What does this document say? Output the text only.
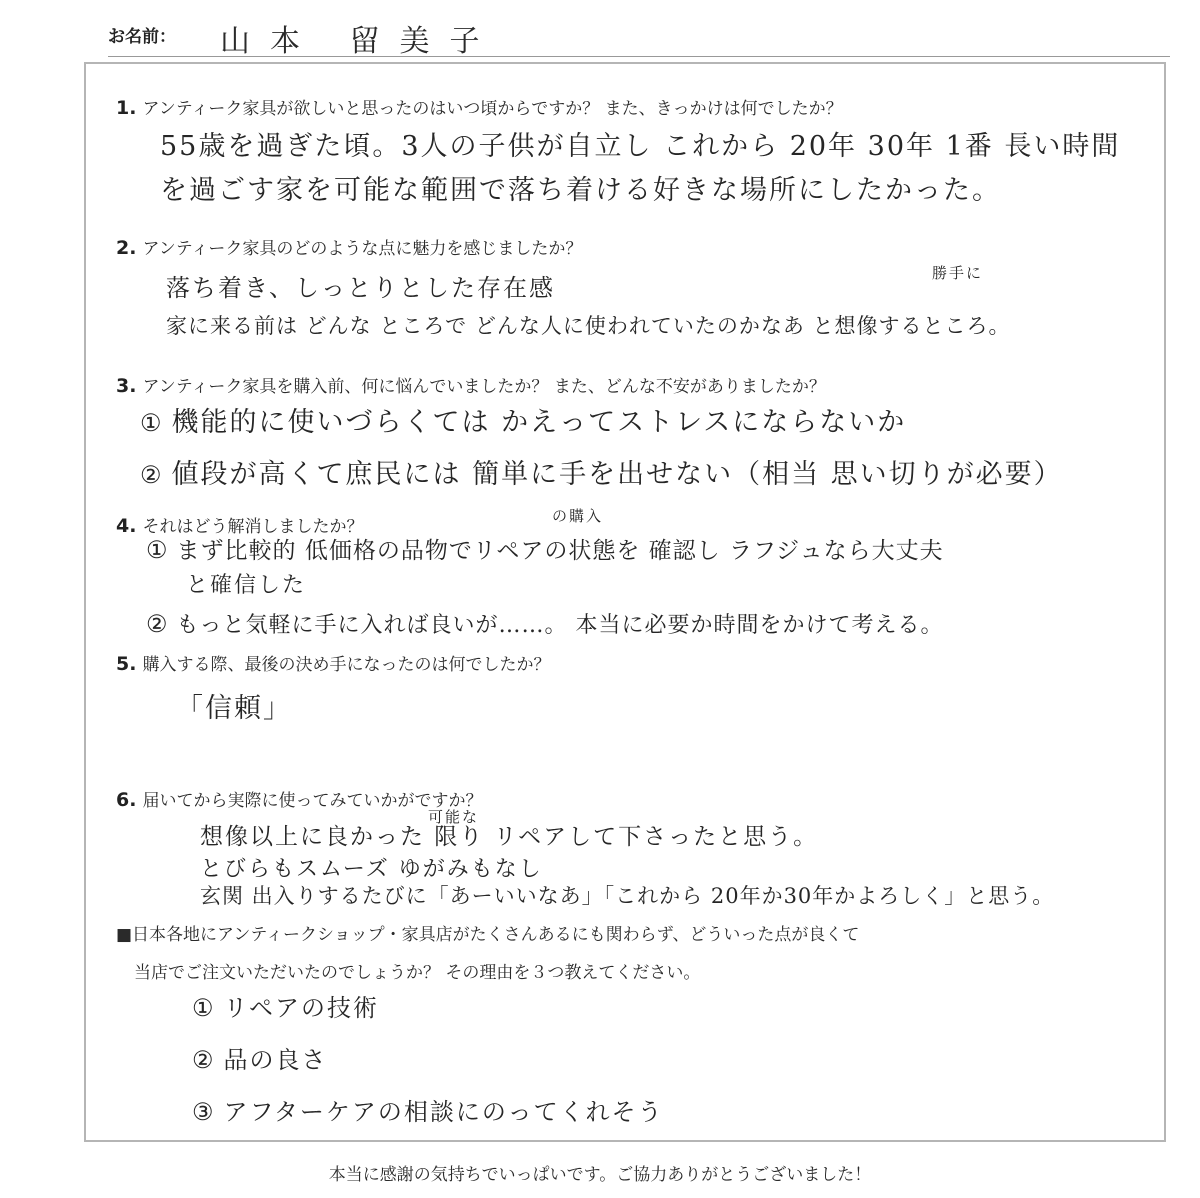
お名前： 山本 留美子
1. アンティーク家具が欲しいと思ったのはいつ頃からですか？ また、きっかけは何でしたか？
55歳を過ぎた頃。3人の子供が自立し これから 20年 30年 1番 長い時間
を過ごす家を可能な範囲で落ち着ける好きな場所にしたかった。
2. アンティーク家具のどのような点に魅力を感じましたか？
落ち着き、しっとりとした存在感
勝手に
家に来る前は どんな ところで どんな人に使われていたのかなあ と想像するところ。
3. アンティーク家具を購入前、何に悩んでいましたか？ また、どんな不安がありましたか？
① 機能的に使いづらくては かえってストレスにならないか
② 値段が高くて庶民には 簡単に手を出せない（相当 思い切りが必要）
4. それはどう解消しましたか？
の購入
① まず比較的 低価格の品物でリペアの状態を 確認し ラフジュなら大丈夫
と確信した
② もっと気軽に手に入れば良いが……。 本当に必要か時間をかけて考える。
5. 購入する際、最後の決め手になったのは何でしたか？
「信頼」
6. 届いてから実際に使ってみていかがですか？
可能な
想像以上に良かった 限り リペアして下さったと思う。
とびらもスムーズ ゆがみもなし
玄関 出入りするたびに「あーいいなあ」「これから 20年か30年かよろしく」と思う。
■日本各地にアンティークショップ・家具店がたくさんあるにも関わらず、どういった点が良くて
当店でご注文いただいたのでしょうか？ その理由を３つ教えてください。
① リペアの技術
② 品の良さ
③ アフターケアの相談にのってくれそう
本当に感謝の気持ちでいっぱいです。ご協力ありがとうございました！
